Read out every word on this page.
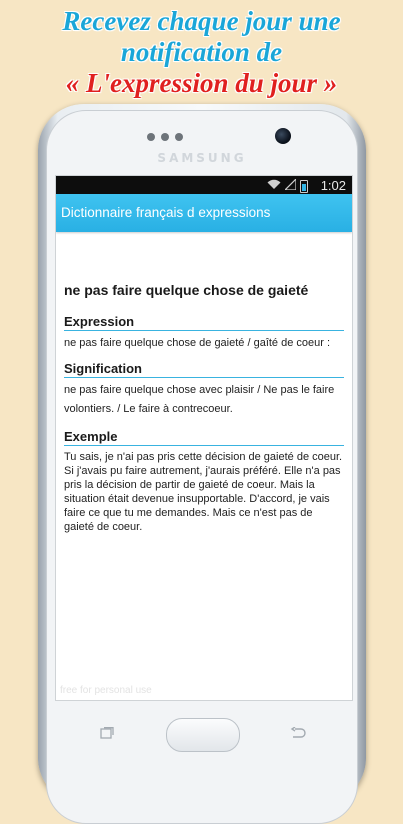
Recevez chaque jour une
notification de
« L'expression du jour »
SAMSUNG
1:02
Dictionnaire français d expressions
ne pas faire quelque chose de gaieté
Expression
ne pas faire quelque chose de gaieté / gaîté de coeur :
Signification
ne pas faire quelque chose avec plaisir / Ne pas le faire volontiers. / Le faire à contrecoeur.
Exemple
Tu sais, je n'ai pas pris cette décision de gaieté de coeur. Si j'avais pu faire autrement, j'aurais préféré. Elle n'a pas pris la décision de partir de gaieté de coeur. Mais la situation était devenue insupportable. D'accord, je vais faire ce que tu me demandes. Mais ce n'est pas de gaieté de coeur.
free for personal use
